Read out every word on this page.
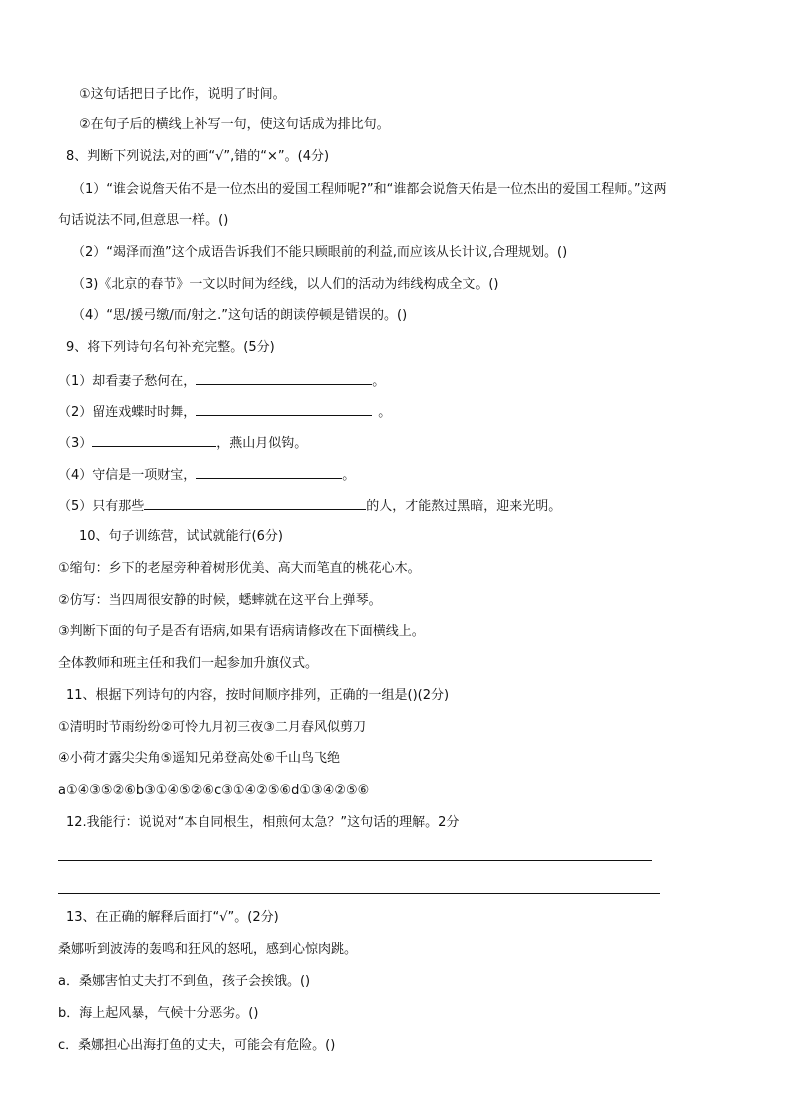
①这句话把日子比作，说明了时间。
②在句子后的横线上补写一句，使这句话成为排比句。
8、判断下列说法,对的画“√”,错的“×”。(4分)
（1）“谁会说詹天佑不是一位杰出的爱国工程师呢?”和“谁都会说詹天佑是一位杰出的爱国工程师。”这两
句话说法不同,但意思一样。()
（2）“竭泽而渔”这个成语告诉我们不能只顾眼前的利益,而应该从长计议,合理规划。()
（3)《北京的春节》一文以时间为经线，以人们的活动为纬线构成全文。()
（4）“思/援弓缴/而/射之.”这句话的朗读停顿是错误的。()
9、将下列诗句名句补充完整。(5分)
（1）却看妻子愁何在，	。
（2）留连戏蝶时时舞，	。
（3）	，燕山月似钩。
（4）守信是一项财宝，	。
（5）只有那些	的人，才能熬过黑暗，迎来光明。
10、句子训练营，试试就能行(6分)
①缩句：乡下的老屋旁种着树形优美、高大而笔直的桃花心木。
②仿写：当四周很安静的时候，蟋蟀就在这平台上弹琴。
③判断下面的句子是否有语病,如果有语病请修改在下面横线上。
全体教师和班主任和我们一起参加升旗仪式。
11、根据下列诗句的内容，按时间顺序排列，正确的一组是()(2分)
①清明时节雨纷纷②可怜九月初三夜③二月春风似剪刀
④小荷才露尖尖角⑤遥知兄弟登高处⑥千山鸟飞绝
a①④③⑤②⑥b③①④⑤②⑥c③①④②⑤⑥d①③④②⑤⑥
12.我能行：说说对“本自同根生，相煎何太急？”这句话的理解。2分
13、在正确的解释后面打“√”。(2分)
桑娜听到波涛的轰鸣和狂风的怒吼，感到心惊肉跳。
a．桑娜害怕丈夫打不到鱼，孩子会挨饿。()
b．海上起风暴，气候十分恶劣。()
c．桑娜担心出海打鱼的丈夫，可能会有危险。()
